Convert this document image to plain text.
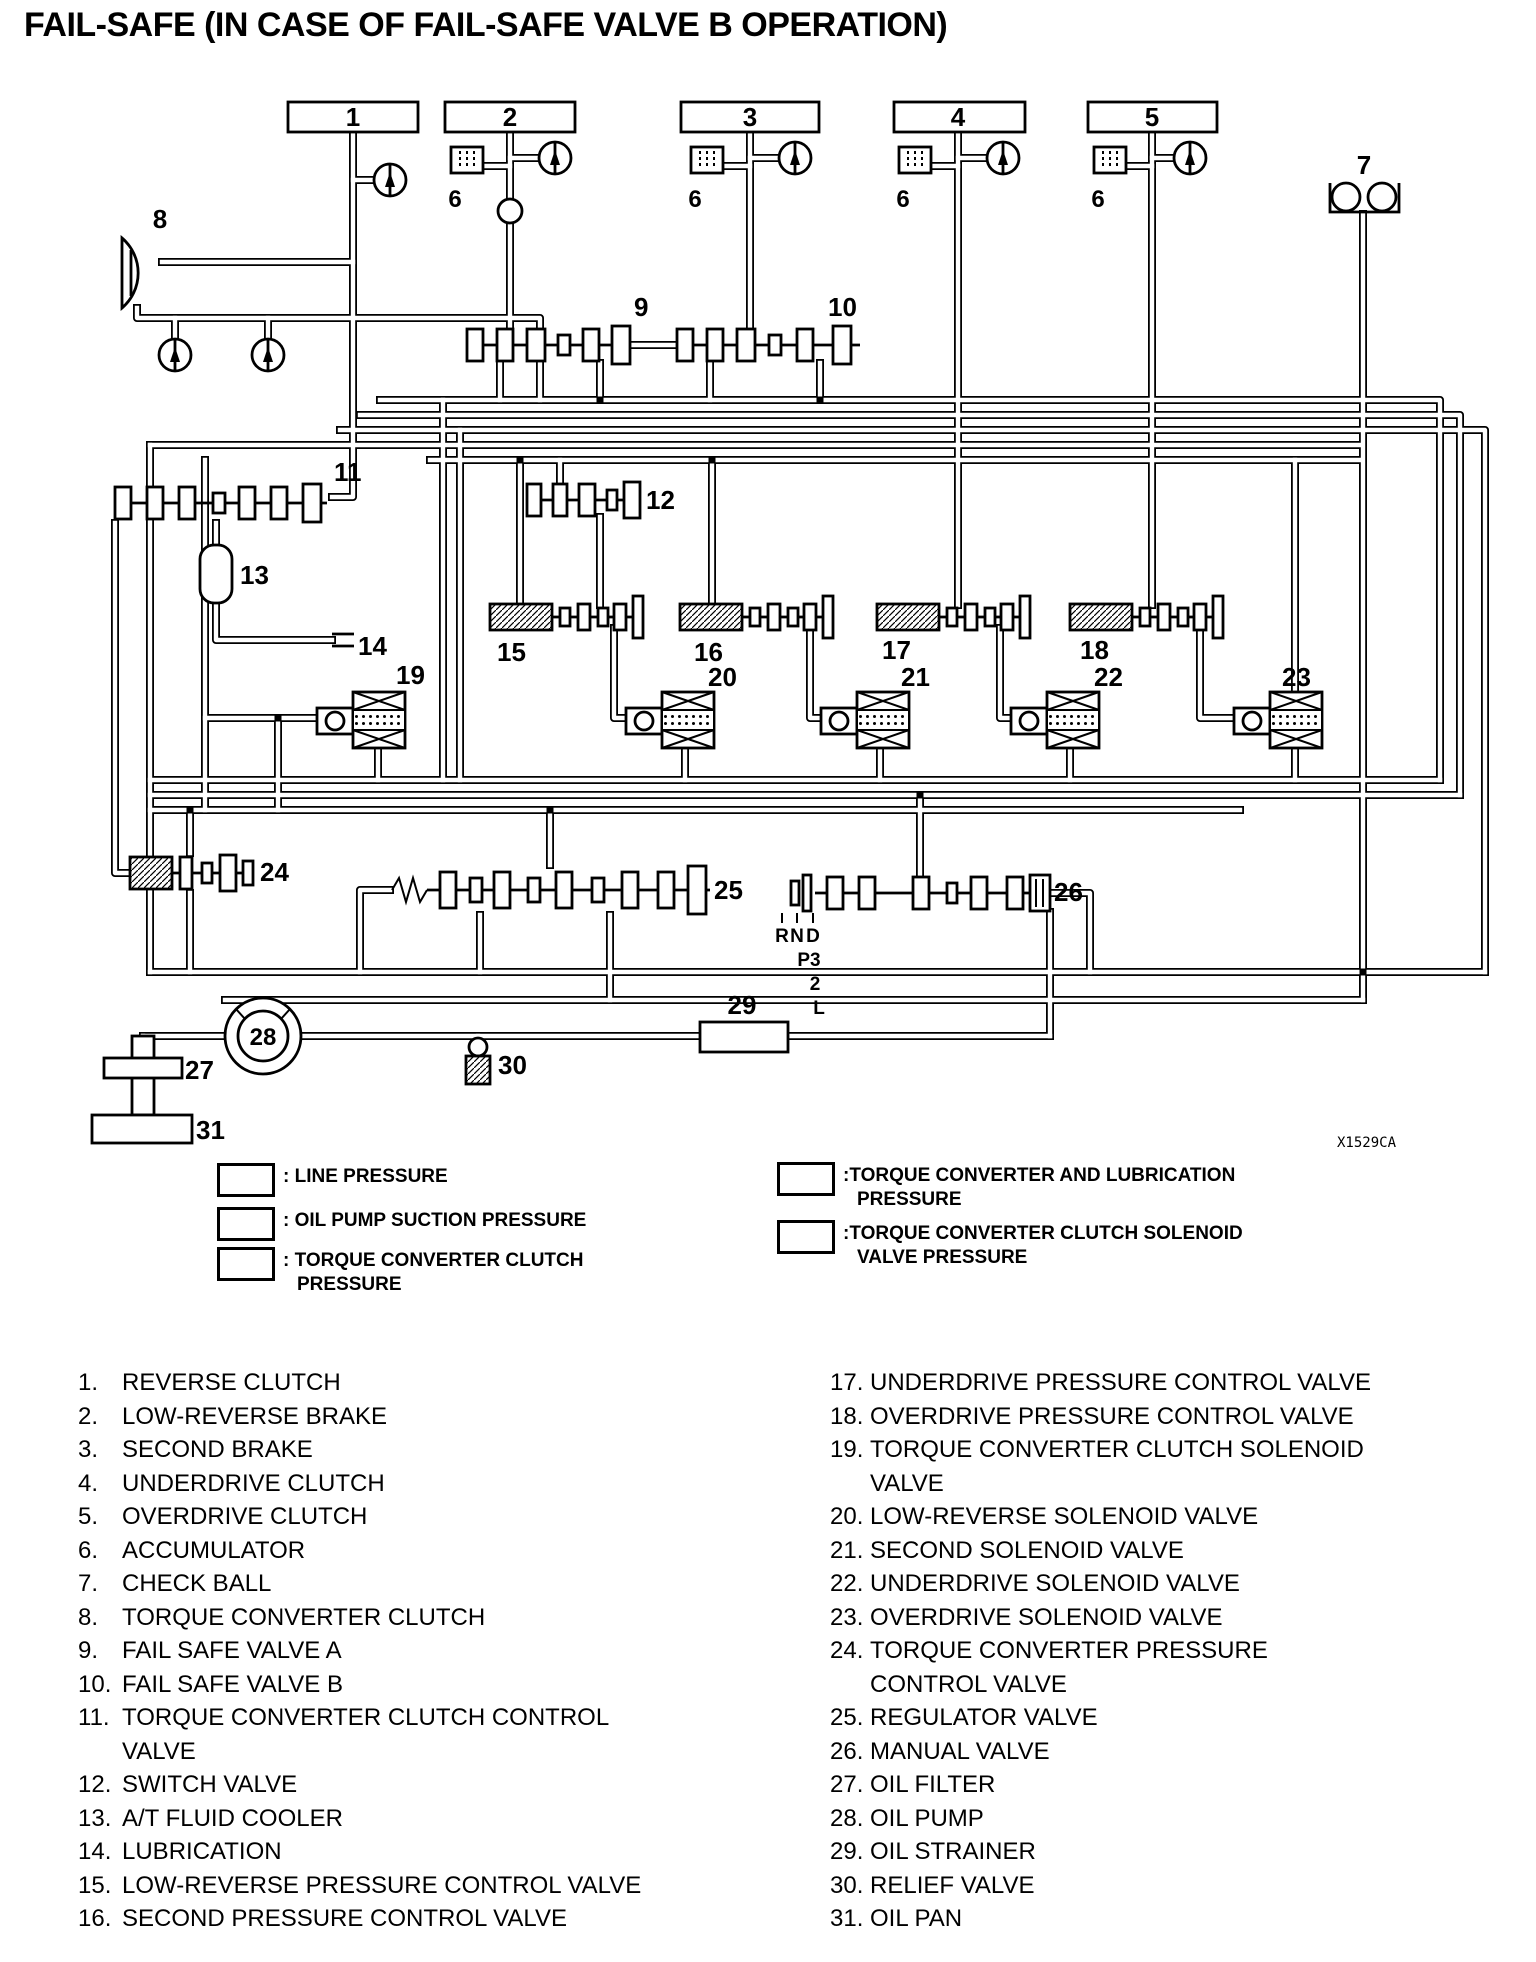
FAIL-SAFE (IN CASE OF FAIL-SAFE VALVE B OPERATION)
1	2	3	4	5
6	6	6	6
7
8
9	10
11
12
13
14	15	16	17	18
19	20	21	22	23
24
25	26
27
28
29
30
31
R N D
P3
2
L
X1529CA
: LINE PRESSURE
: OIL PUMP SUCTION PRESSURE
: TORQUE CONVERTER CLUTCH
PRESSURE
:TORQUE CONVERTER AND LUBRICATION
PRESSURE
:TORQUE CONVERTER CLUTCH SOLENOID
VALVE PRESSURE
1. REVERSE CLUTCH
2. LOW-REVERSE BRAKE
3. SECOND BRAKE
4. UNDERDRIVE CLUTCH
5. OVERDRIVE CLUTCH
6. ACCUMULATOR
7. CHECK BALL
8. TORQUE CONVERTER CLUTCH
9. FAIL SAFE VALVE A
10. FAIL SAFE VALVE B
11. TORQUE CONVERTER CLUTCH CONTROL
VALVE
12. SWITCH VALVE
13. A/T FLUID COOLER
14. LUBRICATION
15. LOW-REVERSE PRESSURE CONTROL VALVE
16. SECOND PRESSURE CONTROL VALVE
17. UNDERDRIVE PRESSURE CONTROL VALVE
18. OVERDRIVE PRESSURE CONTROL VALVE
19. TORQUE CONVERTER CLUTCH SOLENOID
VALVE
20. LOW-REVERSE SOLENOID VALVE
21. SECOND SOLENOID VALVE
22. UNDERDRIVE SOLENOID VALVE
23. OVERDRIVE SOLENOID VALVE
24. TORQUE CONVERTER PRESSURE
CONTROL VALVE
25. REGULATOR VALVE
26. MANUAL VALVE
27. OIL FILTER
28. OIL PUMP
29. OIL STRAINER
30. RELIEF VALVE
31. OIL PAN
